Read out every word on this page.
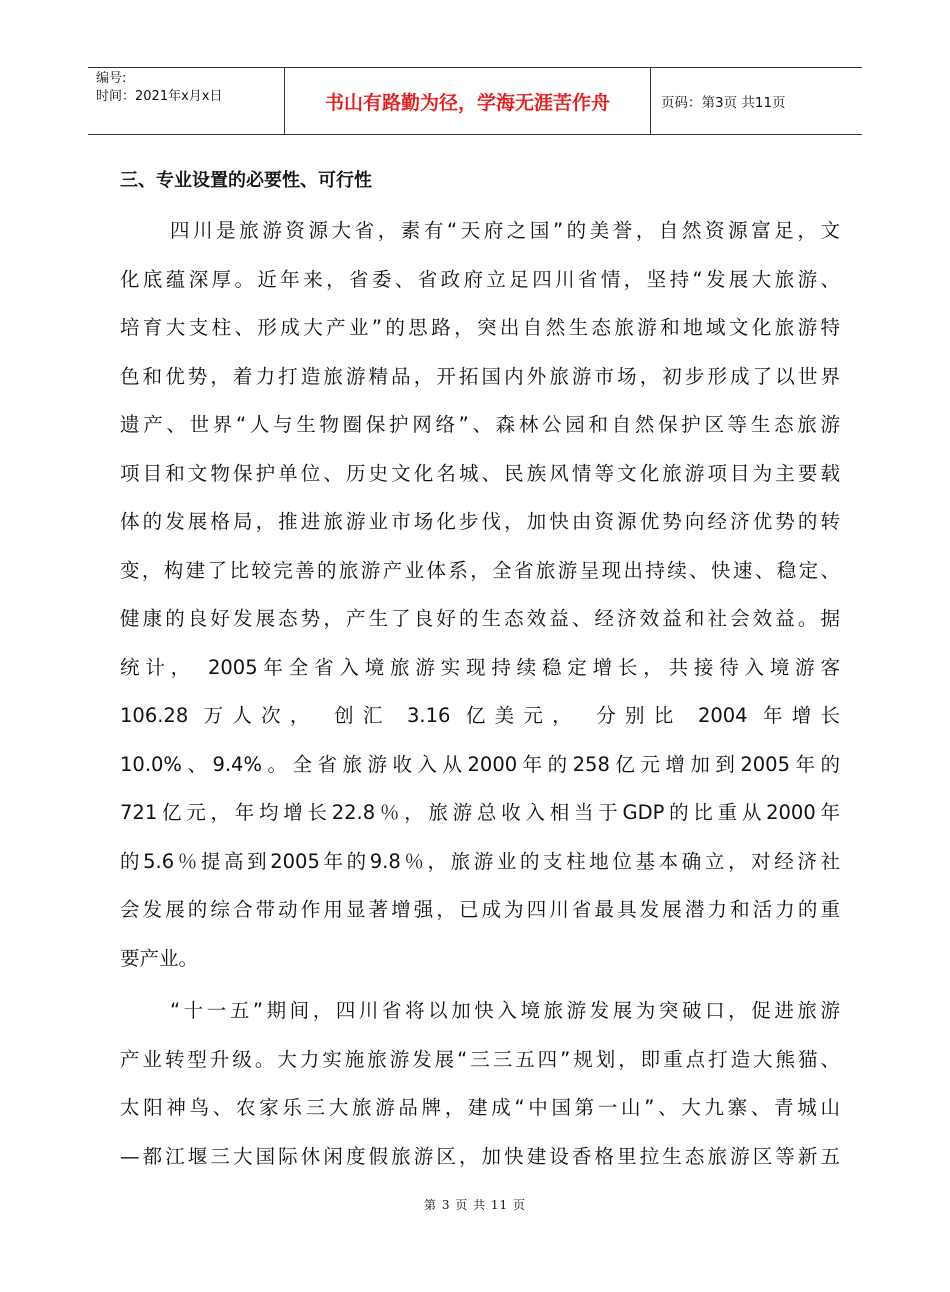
编号:
时间：2021年x月x日	书山有路勤为径，学海无涯苦作舟	页码：第3页 共11页
三、专业设置的必要性、可行性
四川是旅游资源大省，素有“天府之国”的美誉，自然资源富足，文
化底蕴深厚。近年来，省委、省政府立足四川省情，坚持“发展大旅游、
培育大支柱、形成大产业”的思路，突出自然生态旅游和地域文化旅游特
色和优势，着力打造旅游精品，开拓国内外旅游市场，初步形成了以世界
遗产、世界“人与生物圈保护网络”、森林公园和自然保护区等生态旅游
项目和文物保护单位、历史文化名城、民族风情等文化旅游项目为主要载
体的发展格局，推进旅游业市场化步伐，加快由资源优势向经济优势的转
变，构建了比较完善的旅游产业体系，全省旅游呈现出持续、快速、稳定、
健康的良好发展态势，产生了良好的生态效益、经济效益和社会效益。据
统计， 2005年全省入境旅游实现持续稳定增长，共接待入境游客
106.28 万人次， 创汇 3.16 亿美元， 分别比 2004 年增长
10.0%、9.4%。全省旅游收入从2000年的258亿元增加到2005年的
721亿元，年均增长22.8％，旅游总收入相当于GDP的比重从2000年
的5.6％提高到2005年的9.8％，旅游业的支柱地位基本确立，对经济社
会发展的综合带动作用显著增强，已成为四川省最具发展潜力和活力的重
要产业。
“十一五”期间，四川省将以加快入境旅游发展为突破口，促进旅游
产业转型升级。大力实施旅游发展“三三五四”规划，即重点打造大熊猫、
太阳神鸟、农家乐三大旅游品牌，建成“中国第一山”、大九寨、青城山
—都江堰三大国际休闲度假旅游区，加快建设香格里拉生态旅游区等新五
第 3 页 共 11 页
